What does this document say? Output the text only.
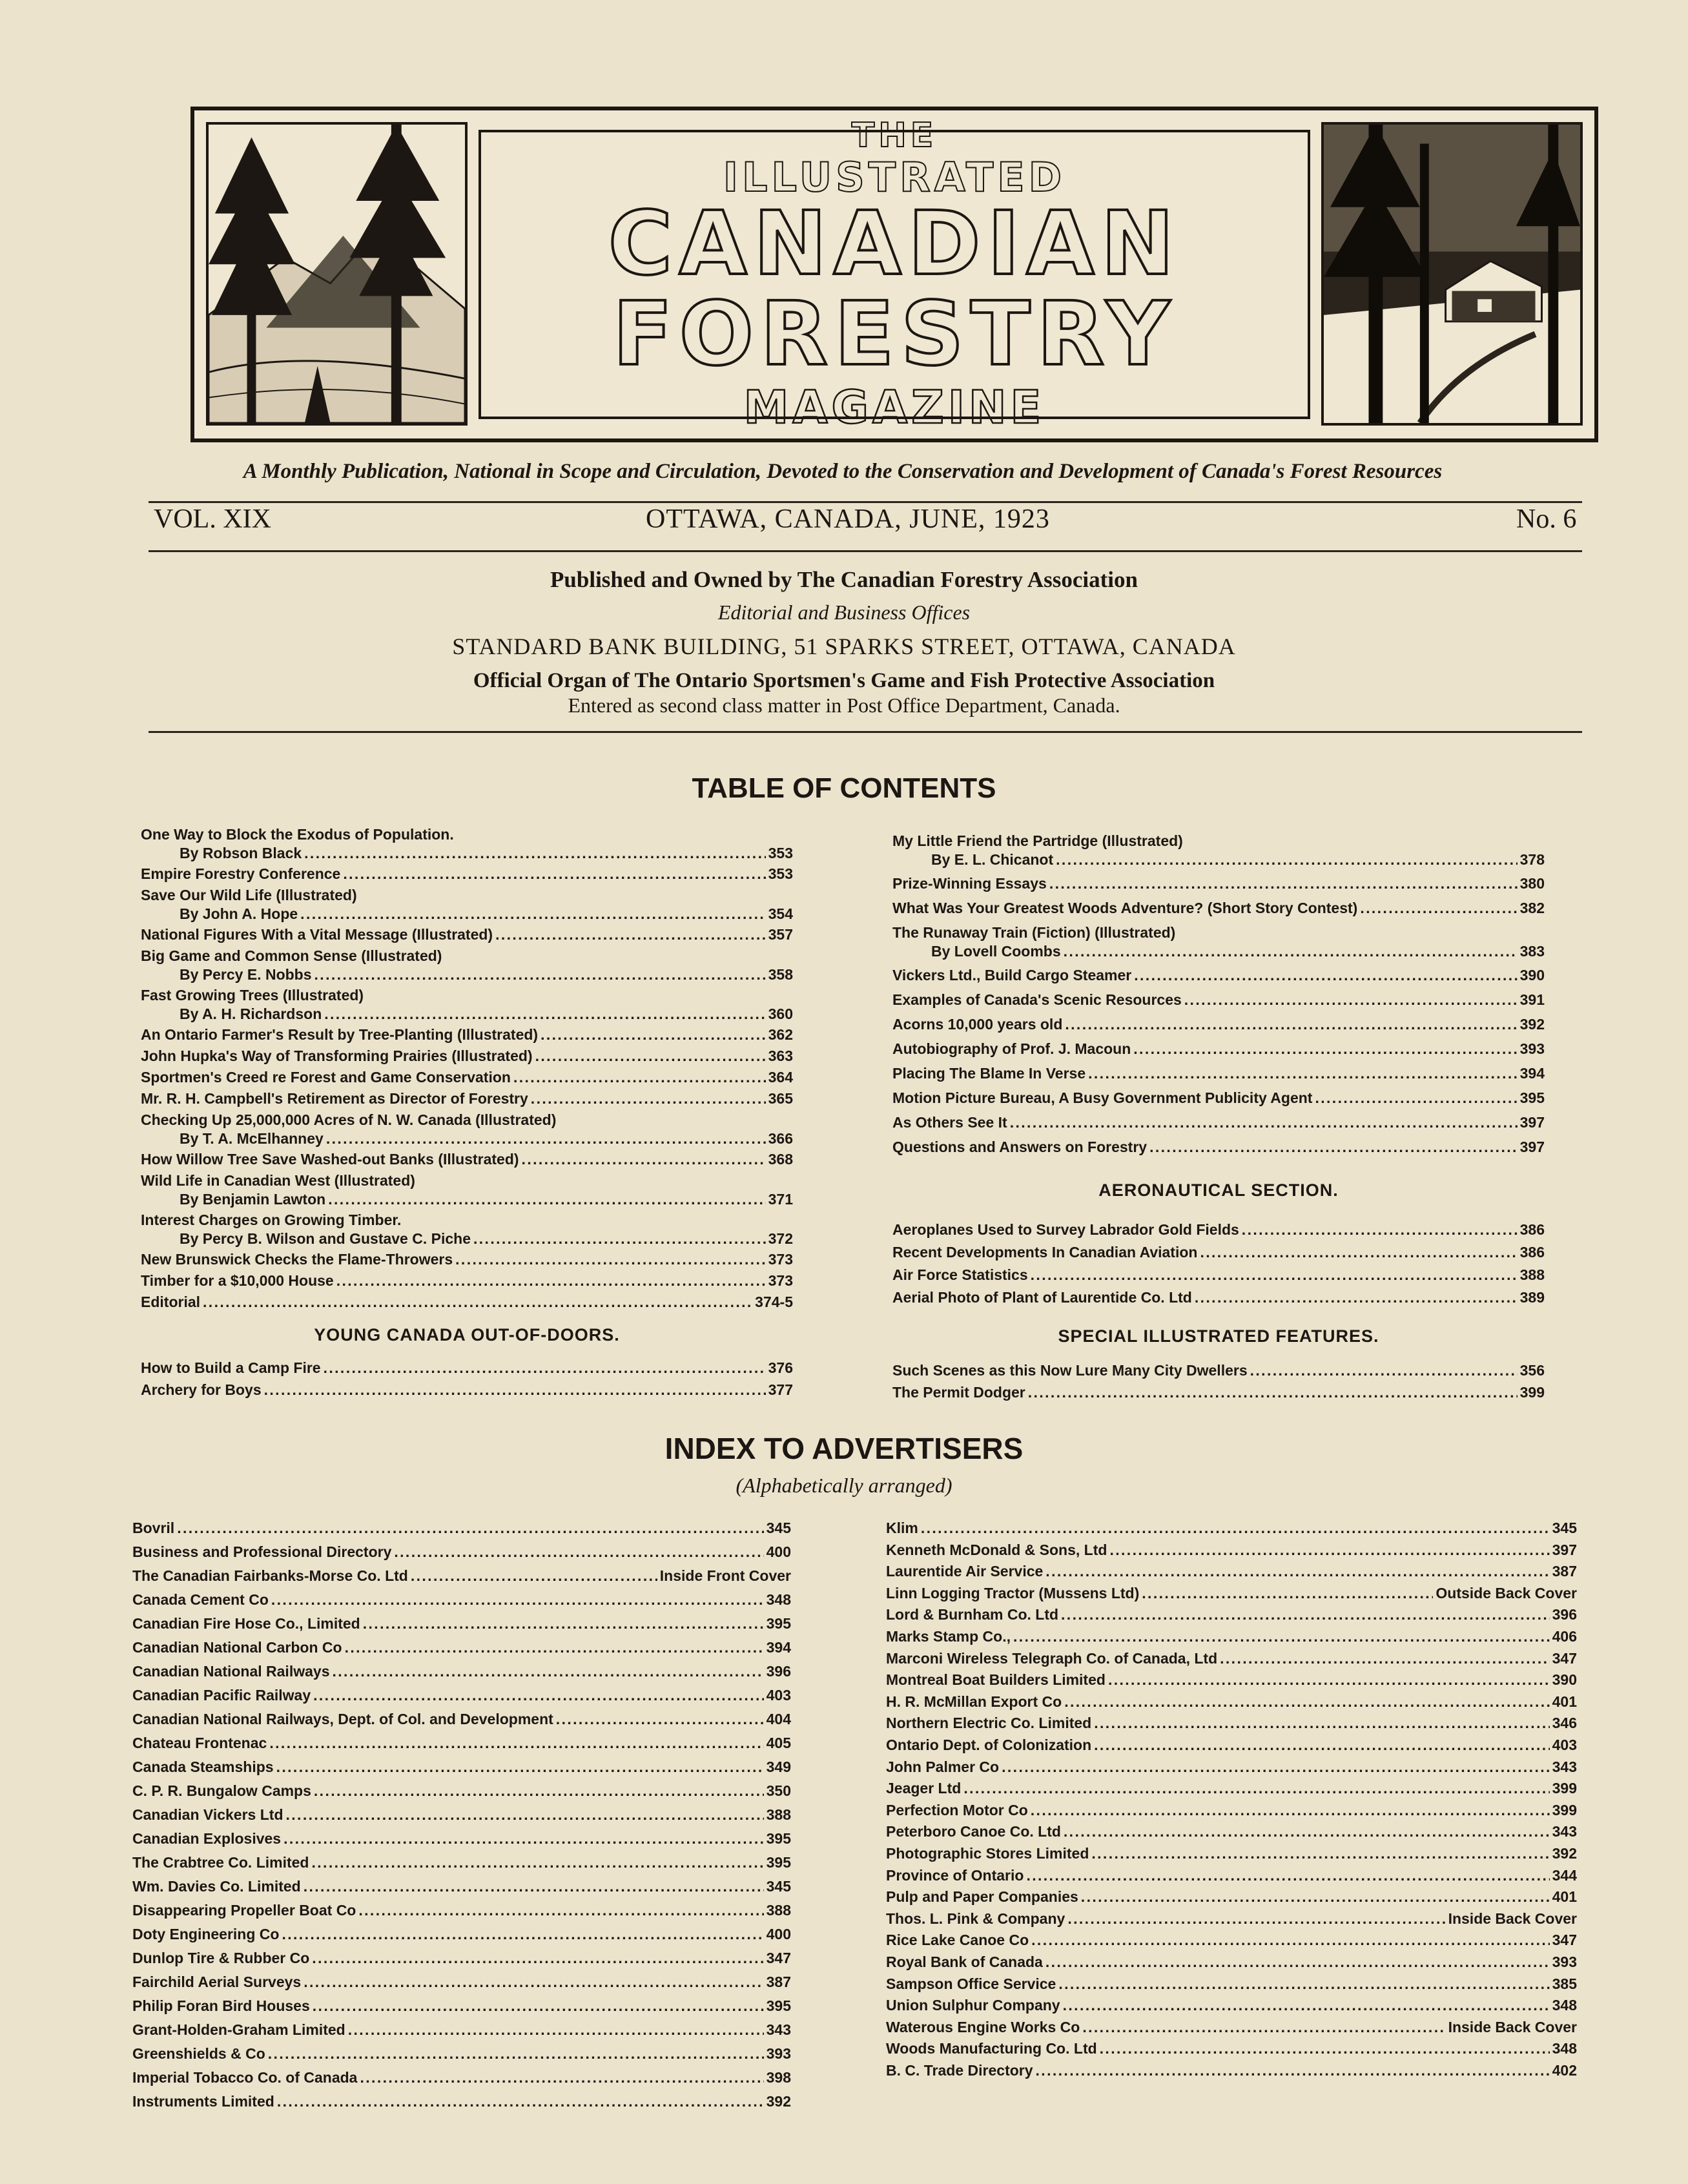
THE
ILLUSTRATED
CANADIAN
FORESTRY
MAGAZINE
A Monthly Publication, National in Scope and Circulation, Devoted to the Conservation and Development of Canada's Forest Resources
VOL. XIX	OTTAWA, CANADA, JUNE, 1923	No. 6
Published and Owned by The Canadian Forestry Association
Editorial and Business Offices
STANDARD BANK BUILDING, 51 SPARKS STREET, OTTAWA, CANADA
Official Organ of The Ontario Sportsmen's Game and Fish Protective Association
Entered as second class matter in Post Office Department, Canada.
TABLE OF CONTENTS
One Way to Block the Exodus of Population.
By Robson Black . . .	353
Empire Forestry Conference . . .	353
Save Our Wild Life (Illustrated)
By John A. Hope . . .	354
National Figures With a Vital Message (Illustrated) . . .	357
Big Game and Common Sense (Illustrated)
By Percy E. Nobbs . . .	358
Fast Growing Trees (Illustrated)
By A. H. Richardson . . .	360
An Ontario Farmer's Result by Tree-Planting (Illustrated) . . .	362
John Hupka's Way of Transforming Prairies (Illustrated) . . .	363
Sportmen's Creed re Forest and Game Conservation . . .	364
Mr. R. H. Campbell's Retirement as Director of Forestry . . .	365
Checking Up 25,000,000 Acres of N. W. Canada (Illustrated)
By T. A. McElhanney . . .	366
How Willow Tree Save Washed-out Banks (Illustrated) . . .	368
Wild Life in Canadian West (Illustrated)
By Benjamin Lawton . . .	371
Interest Charges on Growing Timber.
By Percy B. Wilson and Gustave C. Piche . . .	372
New Brunswick Checks the Flame-Throwers . . .	373
Timber for a $10,000 House . . .	373
Editorial . . .	374-5
My Little Friend the Partridge (Illustrated)
By E. L. Chicanot . . .	378
Prize-Winning Essays . . .	380
What Was Your Greatest Woods Adventure? (Short Story Contest) . . .	382
The Runaway Train (Fiction) (Illustrated)
By Lovell Coombs . . .	383
Vickers Ltd., Build Cargo Steamer . . .	390
Examples of Canada's Scenic Resources . . .	391
Acorns 10,000 years old . . .	392
Autobiography of Prof. J. Macoun . . .	393
Placing The Blame In Verse . . .	394
Motion Picture Bureau, A Busy Government Publicity Agent . . .	395
As Others See It . . .	397
Questions and Answers on Forestry . . .	397
YOUNG CANADA OUT-OF-DOORS.
How to Build a Camp Fire . . .	376
Archery for Boys . . .	377
AERONAUTICAL SECTION.
Aeroplanes Used to Survey Labrador Gold Fields . . .	386
Recent Developments In Canadian Aviation . . .	386
Air Force Statistics . . .	388
Aerial Photo of Plant of Laurentide Co. Ltd . . .	389
SPECIAL ILLUSTRATED FEATURES.
Such Scenes as this Now Lure Many City Dwellers . . .	356
The Permit Dodger . . .	399
INDEX TO ADVERTISERS
(Alphabetically arranged)
Bovril . . .	345
Business and Professional Directory . . .	400
The Canadian Fairbanks-Morse Co. Ltd . . .	Inside Front Cover
Canada Cement Co . . .	348
Canadian Fire Hose Co., Limited . . .	395
Canadian National Carbon Co . . .	394
Canadian National Railways . . .	396
Canadian Pacific Railway . . .	403
Canadian National Railways, Dept. of Col. and Development . . .	404
Chateau Frontenac . . .	405
Canada Steamships . . .	349
C. P. R. Bungalow Camps . . .	350
Canadian Vickers Ltd . . .	388
Canadian Explosives . . .	395
The Crabtree Co. Limited . . .	395
Wm. Davies Co. Limited . . .	345
Disappearing Propeller Boat Co . . .	388
Doty Engineering Co . . .	400
Dunlop Tire & Rubber Co . . .	347
Fairchild Aerial Surveys . . .	387
Philip Foran Bird Houses . . .	395
Grant-Holden-Graham Limited . . .	343
Greenshields & Co . . .	393
Imperial Tobacco Co. of Canada . . .	398
Instruments Limited . . .	392
Klim . . .	345
Kenneth McDonald & Sons, Ltd . . .	397
Laurentide Air Service . . .	387
Linn Logging Tractor (Mussens Ltd) . . .	Outside Back Cover
Lord & Burnham Co. Ltd . . .	396
Marks Stamp Co., . . .	406
Marconi Wireless Telegraph Co. of Canada, Ltd . . .	347
Montreal Boat Builders Limited . . .	390
H. R. McMillan Export Co . . .	401
Northern Electric Co. Limited . . .	346
Ontario Dept. of Colonization . . .	403
John Palmer Co . . .	343
Jeager Ltd . . .	399
Perfection Motor Co . . .	399
Peterboro Canoe Co. Ltd . . .	343
Photographic Stores Limited . . .	392
Province of Ontario . . .	344
Pulp and Paper Companies . . .	401
Thos. L. Pink & Company . . .	Inside Back Cover
Rice Lake Canoe Co . . .	347
Royal Bank of Canada . . .	393
Sampson Office Service . . .	385
Union Sulphur Company . . .	348
Waterous Engine Works Co . . .	Inside Back Cover
Woods Manufacturing Co. Ltd . . .	348
B. C. Trade Directory . . .	402
